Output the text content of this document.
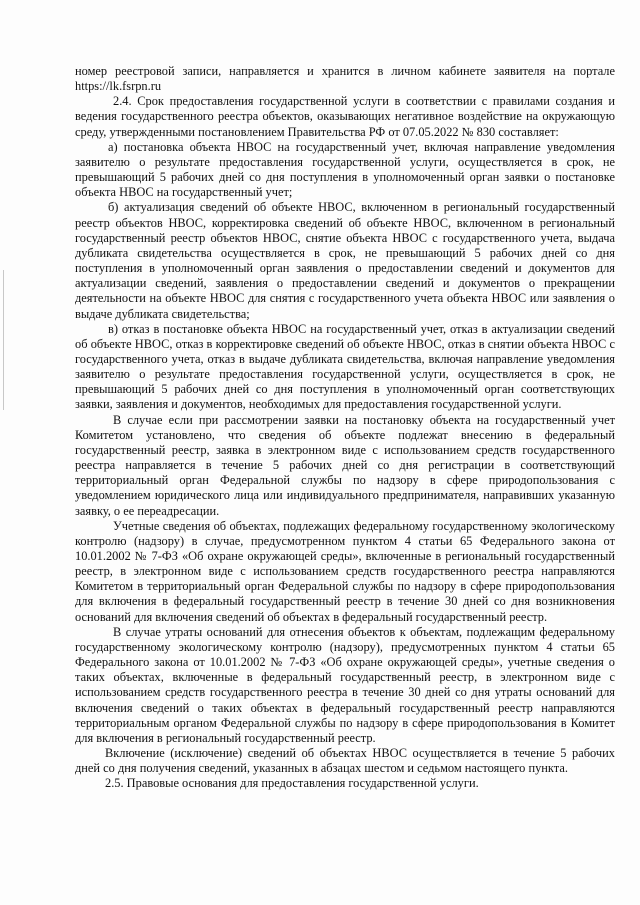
номер реестровой записи, направляется и хранится в личном кабинете заявителя на портале https://lk.fsrpn.ru

2.4. Срок предоставления государственной услуги в соответствии с правилами создания и ведения государственного реестра объектов, оказывающих негативное воздействие на окружающую среду, утвержденными постановлением Правительства РФ от 07.05.2022 № 830 составляет:

а) постановка объекта НВОС на государственный учет, включая направление уведомления заявителю о результате предоставления государственной услуги, осуществляется в срок, не превышающий 5 рабочих дней со дня поступления в уполномоченный орган заявки о постановке объекта НВОС на государственный учет;

б) актуализация сведений об объекте НВОС, включенном в региональный государственный реестр объектов НВОС, корректировка сведений об объекте НВОС, включенном в региональный государственный реестр объектов НВОС, снятие объекта НВОС с государственного учета, выдача дубликата свидетельства осуществляется в срок, не превышающий 5 рабочих дней со дня поступления в уполномоченный орган заявления о предоставлении сведений и документов для актуализации сведений, заявления о предоставлении сведений и документов о прекращении деятельности на объекте НВОС для снятия с государственного учета объекта НВОС или заявления о выдаче дубликата свидетельства;

в) отказ в постановке объекта НВОС на государственный учет, отказ в актуализации сведений об объекте НВОС, отказ в корректировке сведений об объекте НВОС, отказ в снятии объекта НВОС с государственного учета, отказ в выдаче дубликата свидетельства, включая направление уведомления заявителю о результате предоставления государственной услуги, осуществляется в срок, не превышающий 5 рабочих дней со дня поступления в уполномоченный орган соответствующих заявки, заявления и документов, необходимых для предоставления государственной услуги.

В случае если при рассмотрении заявки на постановку объекта на государственный учет Комитетом установлено, что сведения об объекте подлежат внесению в федеральный государственный реестр, заявка в электронном виде с использованием средств государственного реестра направляется в течение 5 рабочих дней со дня регистрации в соответствующий территориальный орган Федеральной службы по надзору в сфере природопользования с уведомлением юридического лица или индивидуального предпринимателя, направивших указанную заявку, о ее переадресации.

Учетные сведения об объектах, подлежащих федеральному государственному экологическому контролю (надзору) в случае, предусмотренном пунктом 4 статьи 65 Федерального закона от 10.01.2002 № 7-ФЗ «Об охране окружающей среды», включенные в региональный государственный реестр, в электронном виде с использованием средств государственного реестра направляются Комитетом в территориальный орган Федеральной службы по надзору в сфере природопользования для включения в федеральный государственный реестр в течение 30 дней со дня возникновения оснований для включения сведений об объектах в федеральный государственный реестр.

В случае утраты оснований для отнесения объектов к объектам, подлежащим федеральному государственному экологическому контролю (надзору), предусмотренных пунктом 4 статьи 65 Федерального закона от 10.01.2002 № 7-ФЗ «Об охране окружающей среды», учетные сведения о таких объектах, включенные в федеральный государственный реестр, в электронном виде с использованием средств государственного реестра в течение 30 дней со дня утраты оснований для включения сведений о таких объектах в федеральный государственный реестр направляются территориальным органом Федеральной службы по надзору в сфере природопользования в Комитет для включения в региональный государственный реестр.

Включение (исключение) сведений об объектах НВОС осуществляется в течение 5 рабочих дней со дня получения сведений, указанных в абзацах шестом и седьмом настоящего пункта.

2.5. Правовые основания для предоставления государственной услуги.
